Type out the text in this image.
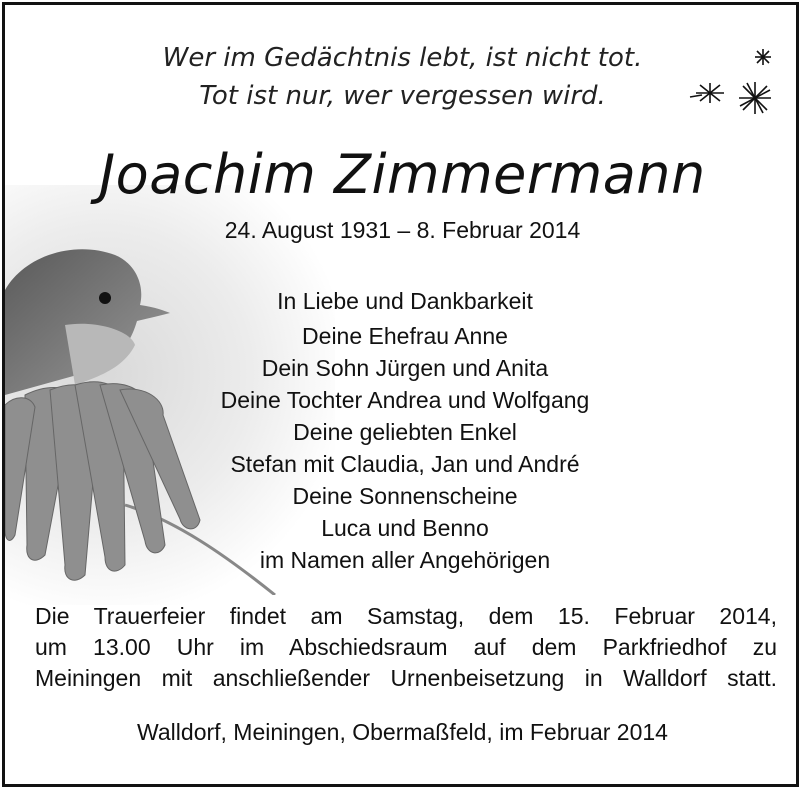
Wer im Gedächtnis lebt, ist nicht tot.
Tot ist nur, wer vergessen wird.
Joachim Zimmermann
24. August 1931 – 8. Februar 2014
In Liebe und Dankbarkeit
Deine Ehefrau Anne
Dein Sohn Jürgen und Anita
Deine Tochter Andrea und Wolfgang
Deine geliebten Enkel
Stefan mit Claudia, Jan und André
Deine Sonnenscheine
Luca und Benno
im Namen aller Angehörigen
Die Trauerfeier findet am Samstag, dem 15. Februar 2014,
um 13.00 Uhr im Abschiedsraum auf dem Parkfriedhof zu
Meiningen mit anschließender Urnenbeisetzung in Walldorf statt.
Walldorf, Meiningen, Obermaßfeld, im Februar 2014
